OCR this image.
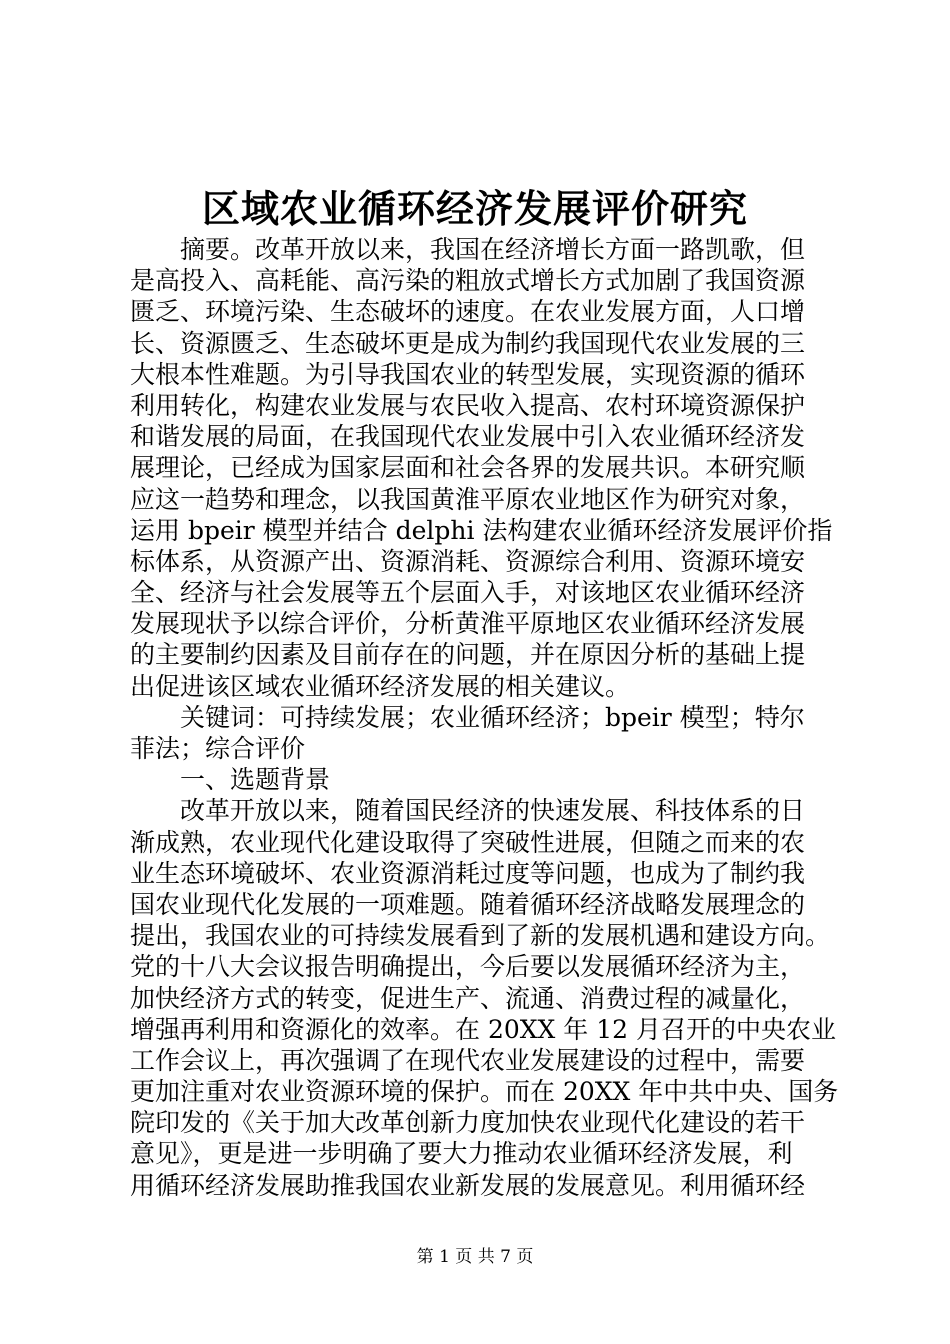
区域农业循环经济发展评价研究
摘要。改革开放以来，我国在经济增长方面一路凯歌，但
是高投入、高耗能、高污染的粗放式增长方式加剧了我国资源
匮乏、环境污染、生态破坏的速度。在农业发展方面，人口增
长、资源匮乏、生态破坏更是成为制约我国现代农业发展的三
大根本性难题。为引导我国农业的转型发展，实现资源的循环
利用转化，构建农业发展与农民收入提高、农村环境资源保护
和谐发展的局面，在我国现代农业发展中引入农业循环经济发
展理论，已经成为国家层面和社会各界的发展共识。本研究顺
应这一趋势和理念，以我国黄淮平原农业地区作为研究对象，
运用 bpeir 模型并结合 delphi 法构建农业循环经济发展评价指
标体系，从资源产出、资源消耗、资源综合利用、资源环境安
全、经济与社会发展等五个层面入手，对该地区农业循环经济
发展现状予以综合评价，分析黄淮平原地区农业循环经济发展
的主要制约因素及目前存在的问题，并在原因分析的基础上提
出促进该区域农业循环经济发展的相关建议。
关键词：可持续发展；农业循环经济；bpeir 模型；特尔
菲法；综合评价
一、选题背景
改革开放以来，随着国民经济的快速发展、科技体系的日
渐成熟，农业现代化建设取得了突破性进展，但随之而来的农
业生态环境破坏、农业资源消耗过度等问题，也成为了制约我
国农业现代化发展的一项难题。随着循环经济战略发展理念的
提出，我国农业的可持续发展看到了新的发展机遇和建设方向。
党的十八大会议报告明确提出，今后要以发展循环经济为主，
加快经济方式的转变，促进生产、流通、消费过程的减量化，
增强再利用和资源化的效率。在 20XX 年 12 月召开的中央农业
工作会议上，再次强调了在现代农业发展建设的过程中，需要
更加注重对农业资源环境的保护。而在 20XX 年中共中央、国务
院印发的《关于加大改革创新力度加快农业现代化建设的若干
意见》，更是进一步明确了要大力推动农业循环经济发展，利
用循环经济发展助推我国农业新发展的发展意见。利用循环经
第 1 页 共 7 页
